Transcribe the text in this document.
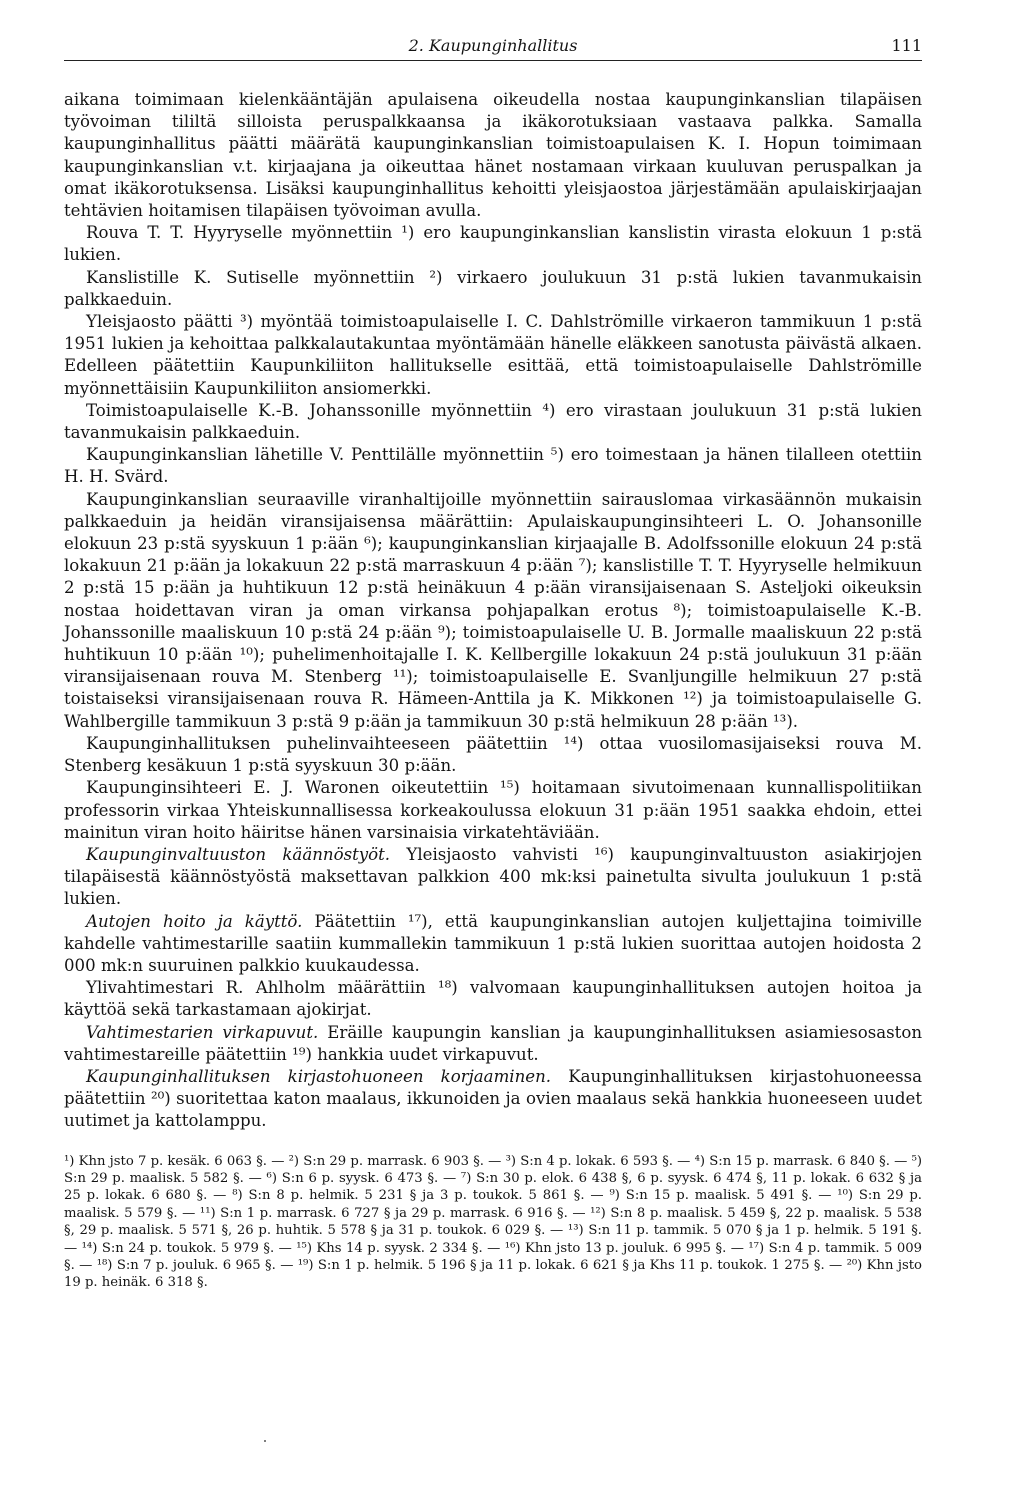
2. Kaupunginhallitus	111

aikana toimimaan kielenkääntäjän apulaisena oikeudella nostaa kaupunginkanslian tilapäisen työvoiman tililtä silloista peruspalkkaansa ja ikäkorotuksiaan vastaava palkka. Samalla kaupunginhallitus päätti määrätä kaupunginkanslian toimistoapulaisen K. I. Hopun toimimaan kaupunginkanslian v.t. kirjaajana ja oikeuttaa hänet nostamaan virkaan kuuluvan peruspalkan ja omat ikäkorotuksensa. Lisäksi kaupunginhallitus kehoitti yleisjaostoa järjestämään apulaiskirjaajan tehtävien hoitamisen tilapäisen työvoiman avulla.

Rouva T. T. Hyyryselle myönnettiin ¹) ero kaupunginkanslian kanslistin virasta elokuun 1 p:stä lukien.

Kanslistille K. Sutiselle myönnettiin ²) virkaero joulukuun 31 p:stä lukien tavanmukaisin palkkaeduin.

Yleisjaosto päätti ³) myöntää toimistoapulaiselle I. C. Dahlströmille virkaeron tammikuun 1 p:stä 1951 lukien ja kehoittaa palkkalautakuntaa myöntämään hänelle eläkkeen sanotusta päivästä alkaen. Edelleen päätettiin Kaupunkiliiton hallitukselle esittää, että toimistoapulaiselle Dahlströmille myönnettäisiin Kaupunkiliiton ansiomerkki.

Toimistoapulaiselle K.-B. Johanssonille myönnettiin ⁴) ero virastaan joulukuun 31 p:stä lukien tavanmukaisin palkkaeduin.

Kaupunginkanslian lähetille V. Penttilälle myönnettiin ⁵) ero toimestaan ja hänen tilalleen otettiin H. H. Svärd.

Kaupunginkanslian seuraaville viranhaltijoille myönnettiin sairauslomaa virkasäännön mukaisin palkkaeduin ja heidän viransijaisensa määrättiin: Apulaiskaupunginsihteeri L. O. Johansonille elokuun 23 p:stä syyskuun 1 p:ään ⁶); kaupunginkanslian kirjaajalle B. Adolfssonille elokuun 24 p:stä lokakuun 21 p:ään ja lokakuun 22 p:stä marraskuun 4 p:ään ⁷); kanslistille T. T. Hyyryselle helmikuun 2 p:stä 15 p:ään ja huhtikuun 12 p:stä heinäkuun 4 p:ään viransijaisenaan S. Asteljoki oikeuksin nostaa hoidettavan viran ja oman virkansa pohjapalkan erotus ⁸); toimistoapulaiselle K.-B. Johanssonille maaliskuun 10 p:stä 24 p:ään ⁹); toimistoapulaiselle U. B. Jormalle maaliskuun 22 p:stä huhtikuun 10 p:ään ¹⁰); puhelimenhoitajalle I. K. Kellbergille lokakuun 24 p:stä joulukuun 31 p:ään viransijaisenaan rouva M. Stenberg ¹¹); toimistoapulaiselle E. Svanljungille helmikuun 27 p:stä toistaiseksi viransijaisenaan rouva R. Hämeen-Anttila ja K. Mikkonen ¹²) ja toimistoapulaiselle G. Wahlbergille tammikuun 3 p:stä 9 p:ään ja tammikuun 30 p:stä helmikuun 28 p:ään ¹³).

Kaupunginhallituksen puhelinvaihteeseen päätettiin ¹⁴) ottaa vuosilomasijaiseksi rouva M. Stenberg kesäkuun 1 p:stä syyskuun 30 p:ään.

Kaupunginsihteeri E. J. Waronen oikeutettiin ¹⁵) hoitamaan sivutoimenaan kunnallispolitiikan professorin virkaa Yhteiskunnallisessa korkeakoulussa elokuun 31 p:ään 1951 saakka ehdoin, ettei mainitun viran hoito häiritse hänen varsinaisia virkatehtäviään.

Kaupunginvaltuuston käännöstyöt. Yleisjaosto vahvisti ¹⁶) kaupunginvaltuuston asiakirjojen tilapäisestä käännöstyöstä maksettavan palkkion 400 mk:ksi painetulta sivulta joulukuun 1 p:stä lukien.

Autojen hoito ja käyttö. Päätettiin ¹⁷), että kaupunginkanslian autojen kuljettajina toimiville kahdelle vahtimestarille saatiin kummallekin tammikuun 1 p:stä lukien suorittaa autojen hoidosta 2 000 mk:n suuruinen palkkio kuukaudessa.

Ylivahtimestari R. Ahlholm määrättiin ¹⁸) valvomaan kaupunginhallituksen autojen hoitoa ja käyttöä sekä tarkastamaan ajokirjat.

Vahtimestarien virkapuvut. Eräille kaupungin kanslian ja kaupunginhallituksen asiamiesosaston vahtimestareille päätettiin ¹⁹) hankkia uudet virkapuvut.

Kaupunginhallituksen kirjastohuoneen korjaaminen. Kaupunginhallituksen kirjastohuoneessa päätettiin ²⁰) suoritettaa katon maalaus, ikkunoiden ja ovien maalaus sekä hankkia huoneeseen uudet uutimet ja kattolamppu.

¹) Khn jsto 7 p. kesäk. 6 063 §. — ²) S:n 29 p. marrask. 6 903 §. — ³) S:n 4 p. lokak. 6 593 §. — ⁴) S:n 15 p. marrask. 6 840 §. — ⁵) S:n 29 p. maalisk. 5 582 §. — ⁶) S:n 6 p. syysk. 6 473 §. — ⁷) S:n 30 p. elok. 6 438 §, 6 p. syysk. 6 474 §, 11 p. lokak. 6 632 § ja 25 p. lokak. 6 680 §. — ⁸) S:n 8 p. helmik. 5 231 § ja 3 p. toukok. 5 861 §. — ⁹) S:n 15 p. maalisk. 5 491 §. — ¹⁰) S:n 29 p. maalisk. 5 579 §. — ¹¹) S:n 1 p. marrask. 6 727 § ja 29 p. marrask. 6 916 §. — ¹²) S:n 8 p. maalisk. 5 459 §, 22 p. maalisk. 5 538 §, 29 p. maalisk. 5 571 §, 26 p. huhtik. 5 578 § ja 31 p. toukok. 6 029 §. — ¹³) S:n 11 p. tammik. 5 070 § ja 1 p. helmik. 5 191 §. — ¹⁴) S:n 24 p. toukok. 5 979 §. — ¹⁵) Khs 14 p. syysk. 2 334 §. — ¹⁶) Khn jsto 13 p. jouluk. 6 995 §. — ¹⁷) S:n 4 p. tammik. 5 009 §. — ¹⁸) S:n 7 p. jouluk. 6 965 §. — ¹⁹) S:n 1 p. helmik. 5 196 § ja 11 p. lokak. 6 621 § ja Khs 11 p. toukok. 1 275 §. — ²⁰) Khn jsto 19 p. heinäk. 6 318 §.
